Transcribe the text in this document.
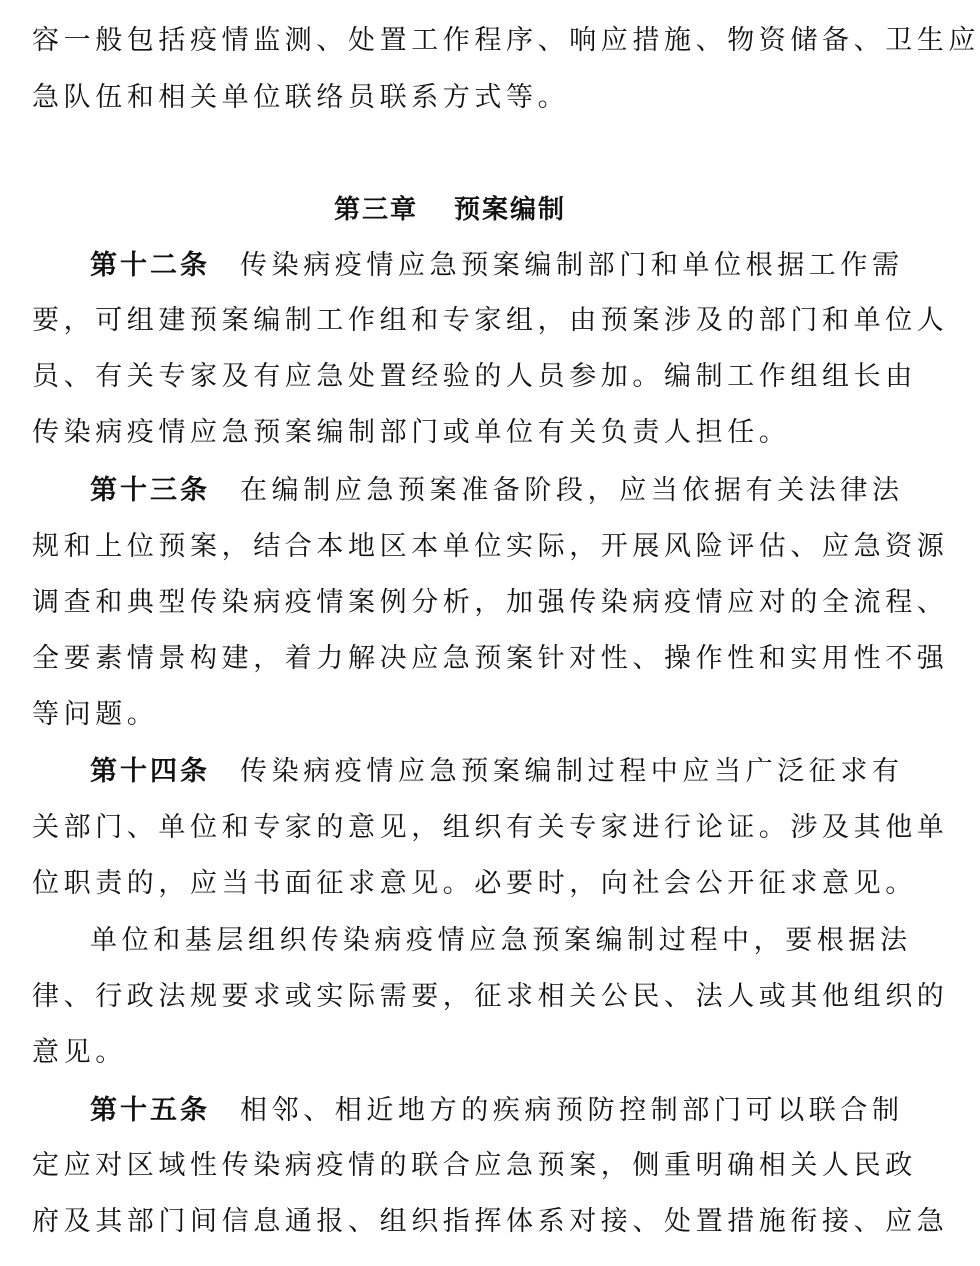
容一般包括疫情监测、处置工作程序、响应措施、物资储备、卫生应
急队伍和相关单位联络员联系方式等。
第三章 预案编制
第十二条 传染病疫情应急预案编制部门和单位根据工作需
要，可组建预案编制工作组和专家组，由预案涉及的部门和单位人
员、有关专家及有应急处置经验的人员参加。编制工作组组长由
传染病疫情应急预案编制部门或单位有关负责人担任。
第十三条 在编制应急预案准备阶段，应当依据有关法律法
规和上位预案，结合本地区本单位实际，开展风险评估、应急资源
调查和典型传染病疫情案例分析，加强传染病疫情应对的全流程、
全要素情景构建，着力解决应急预案针对性、操作性和实用性不强
等问题。
第十四条 传染病疫情应急预案编制过程中应当广泛征求有
关部门、单位和专家的意见，组织有关专家进行论证。涉及其他单
位职责的，应当书面征求意见。必要时，向社会公开征求意见。
单位和基层组织传染病疫情应急预案编制过程中，要根据法
律、行政法规要求或实际需要，征求相关公民、法人或其他组织的
意见。
第十五条 相邻、相近地方的疾病预防控制部门可以联合制
定应对区域性传染病疫情的联合应急预案，侧重明确相关人民政
府及其部门间信息通报、组织指挥体系对接、处置措施衔接、应急
